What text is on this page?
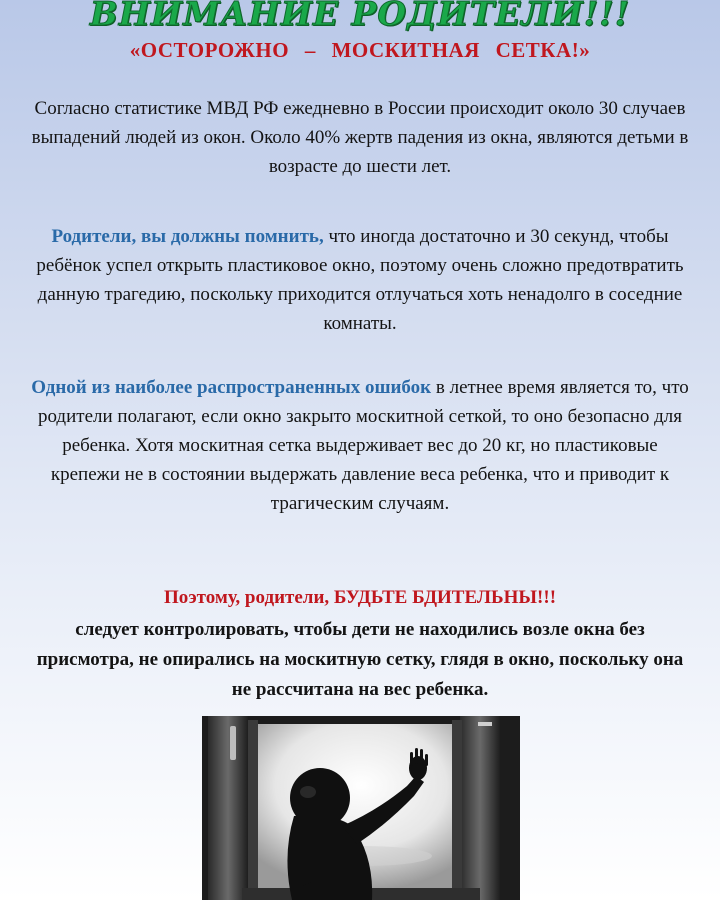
ВНИМАНИЕ РОДИТЕЛИ!!!
«ОСТОРОЖНО – МОСКИТНАЯ СЕТКА!»
Согласно статистике МВД РФ ежедневно в России происходит около 30 случаев выпадений людей из окон. Около 40% жертв падения из окна, являются детьми в возрасте до шести лет.
Родители, вы должны помнить, что иногда достаточно и 30 секунд, чтобы ребёнок успел открыть пластиковое окно, поэтому очень сложно предотвратить данную трагедию, поскольку приходится отлучаться хоть ненадолго в соседние комнаты.
Одной из наиболее распространенных ошибок в летнее время является то, что родители полагают, если окно закрыто москитной сеткой, то оно безопасно для ребенка. Хотя москитная сетка выдерживает вес до 20 кг, но пластиковые крепежи не в состоянии выдержать давление веса ребенка, что и приводит к трагическим случаям.
Поэтому, родители, БУДЬТЕ БДИТЕЛЬНЫ!!!
следует контролировать, чтобы дети не находились возле окна без присмотра, не опирались на москитную сетку, глядя в окно, поскольку она не рассчитана на вес ребенка.
